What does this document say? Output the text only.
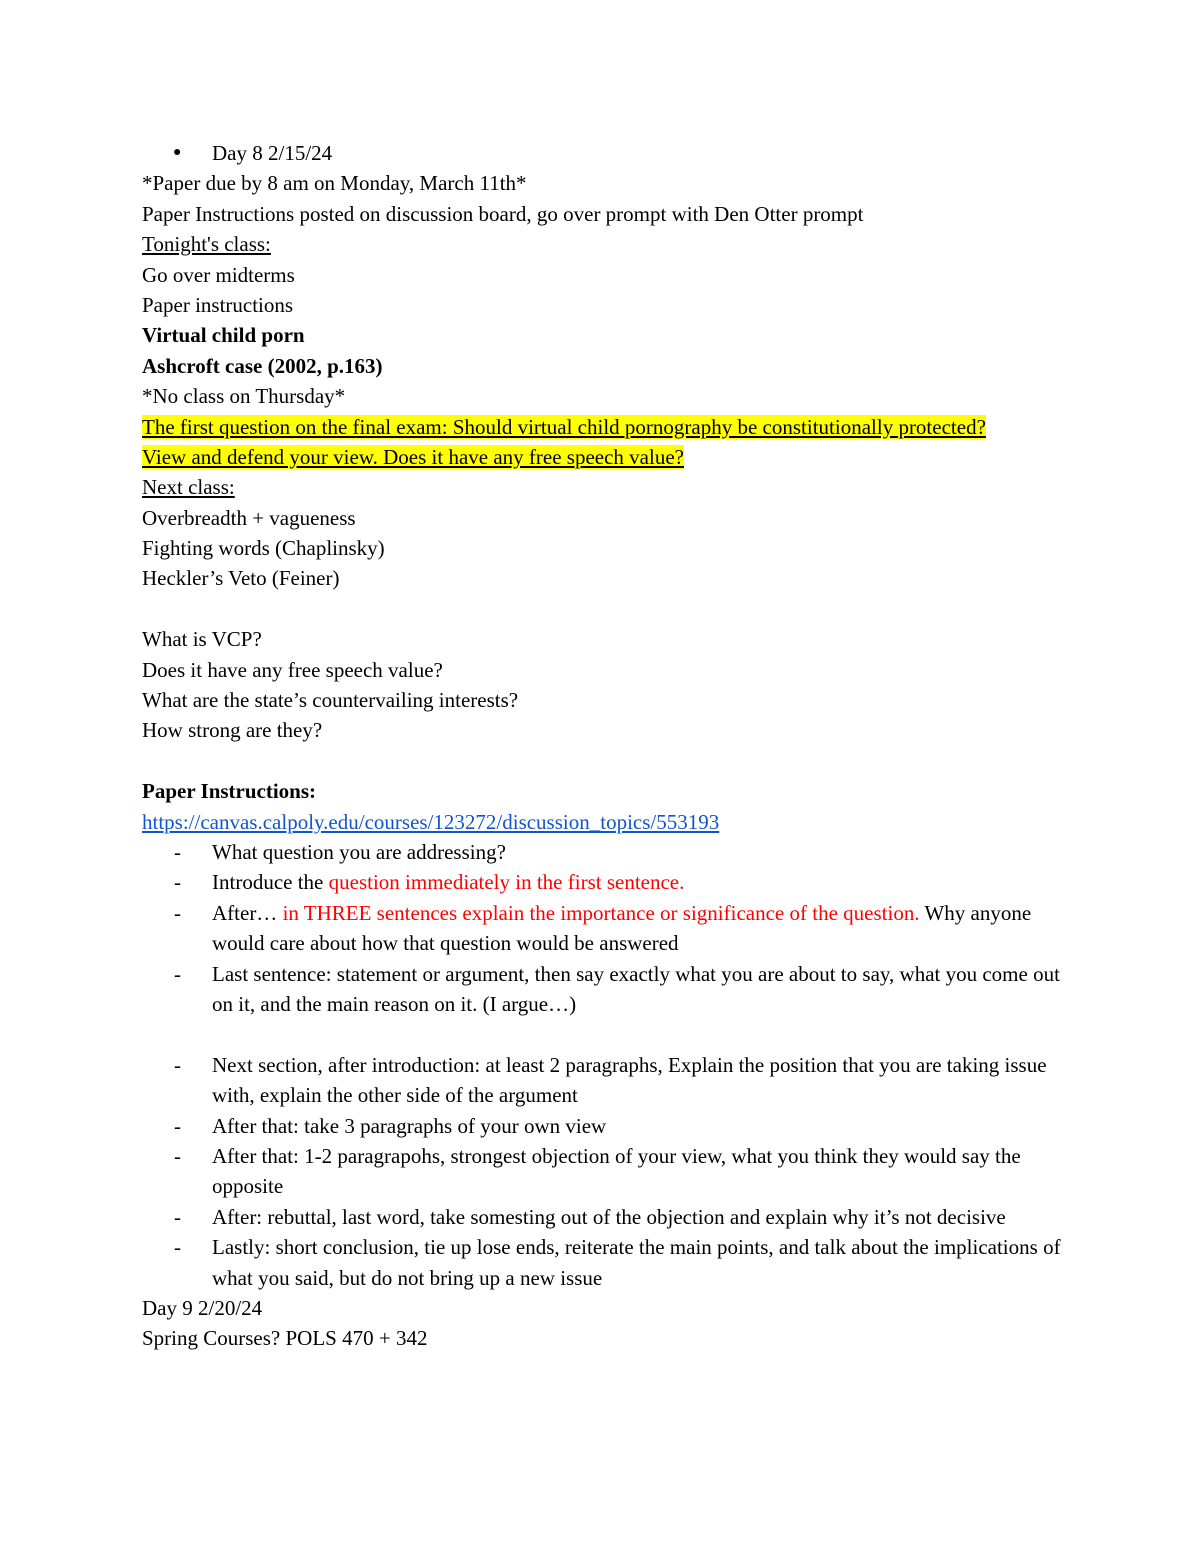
● Day 8 2/15/24
*Paper due by 8 am on Monday, March 11th*
Paper Instructions posted on discussion board, go over prompt with Den Otter prompt
Tonight's class:
Go over midterms
Paper instructions
Virtual child porn
Ashcroft case (2002, p.163)
*No class on Thursday*
The first question on the final exam: Should virtual child pornography be constitutionally protected?
View and defend your view. Does it have any free speech value?
Next class:
Overbreadth + vagueness
Fighting words (Chaplinsky)
Heckler’s Veto (Feiner)
What is VCP?
Does it have any free speech value?
What are the state’s countervailing interests?
How strong are they?
Paper Instructions:
https://canvas.calpoly.edu/courses/123272/discussion_topics/553193
- What question you are addressing?
- Introduce the question immediately in the first sentence.
- After… in THREE sentences explain the importance or significance of the question. Why anyone would care about how that question would be answered
- Last sentence: statement or argument, then say exactly what you are about to say, what you come out on it, and the main reason on it. (I argue…)
- Next section, after introduction: at least 2 paragraphs, Explain the position that you are taking issue with, explain the other side of the argument
- After that: take 3 paragraphs of your own view
- After that: 1-2 paragrapohs, strongest objection of your view, what you think they would say the opposite
- After: rebuttal, last word, take somesting out of the objection and explain why it’s not decisive
- Lastly: short conclusion, tie up lose ends, reiterate the main points, and talk about the implications of what you said, but do not bring up a new issue
Day 9 2/20/24
Spring Courses? POLS 470 + 342
